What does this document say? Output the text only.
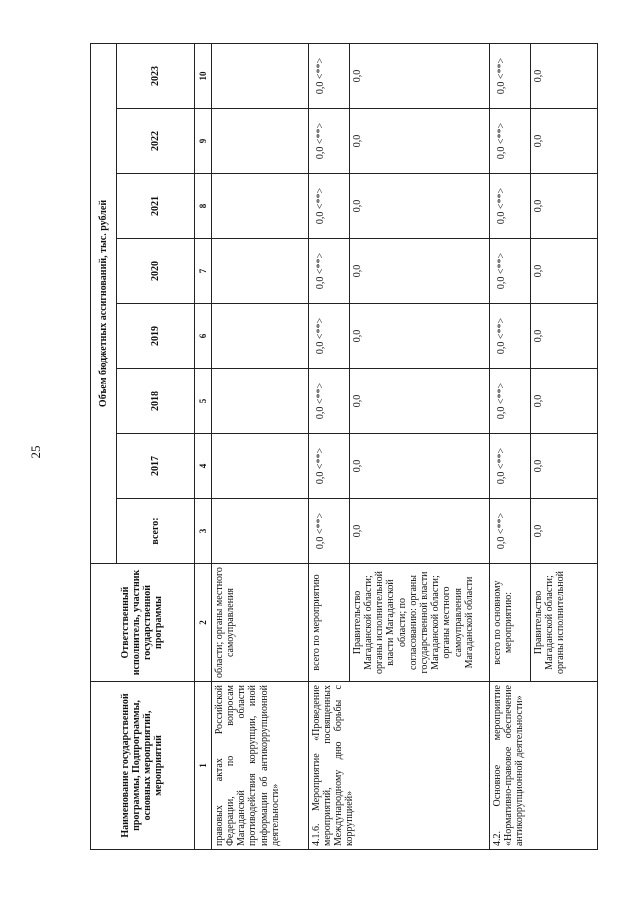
25
Наименование государственной программы, Подпрограммы, основных мероприятий, мероприятий	Ответственный исполнитель, участник государственной программы	Объем бюджетных ассигнований, тыс. рублей							
		всего:	2017	2018	2019	2020	2021	2022	2023
1	2	3	4	5	6	7	8	9	10
правовых актах Российской Федерации, по вопросам Магаданской области противодействия коррупции, иной информации об антикоррупционной деятельности»	области; органы местного самоуправления								
4.1.6. Мероприятие «Проведение мероприятий, посвященных Международному дню борьбы с коррупцией»	всего по мероприятию	0,0 <**>	0,0 <**>	0,0 <**>	0,0 <**>	0,0 <**>	0,0 <**>	0,0 <**>	0,0 <**>
	Правительство Магаданской области; органы исполнительной власти Магаданской области; по согласованию: органы государственной власти Магаданской области; органы местного самоуправления Магаданской области	0,0	0,0	0,0	0,0	0,0	0,0	0,0	0,0
4.2. Основное мероприятие «Нормативно-правовое обеспечение антикоррупционной деятельности»	всего по основному мероприятию:	0,0 <**>	0,0 <**>	0,0 <**>	0,0 <**>	0,0 <**>	0,0 <**>	0,0 <**>	0,0 <**>
	Правительство Магаданской области; органы исполнительной	0,0	0,0	0,0	0,0	0,0	0,0	0,0	0,0
